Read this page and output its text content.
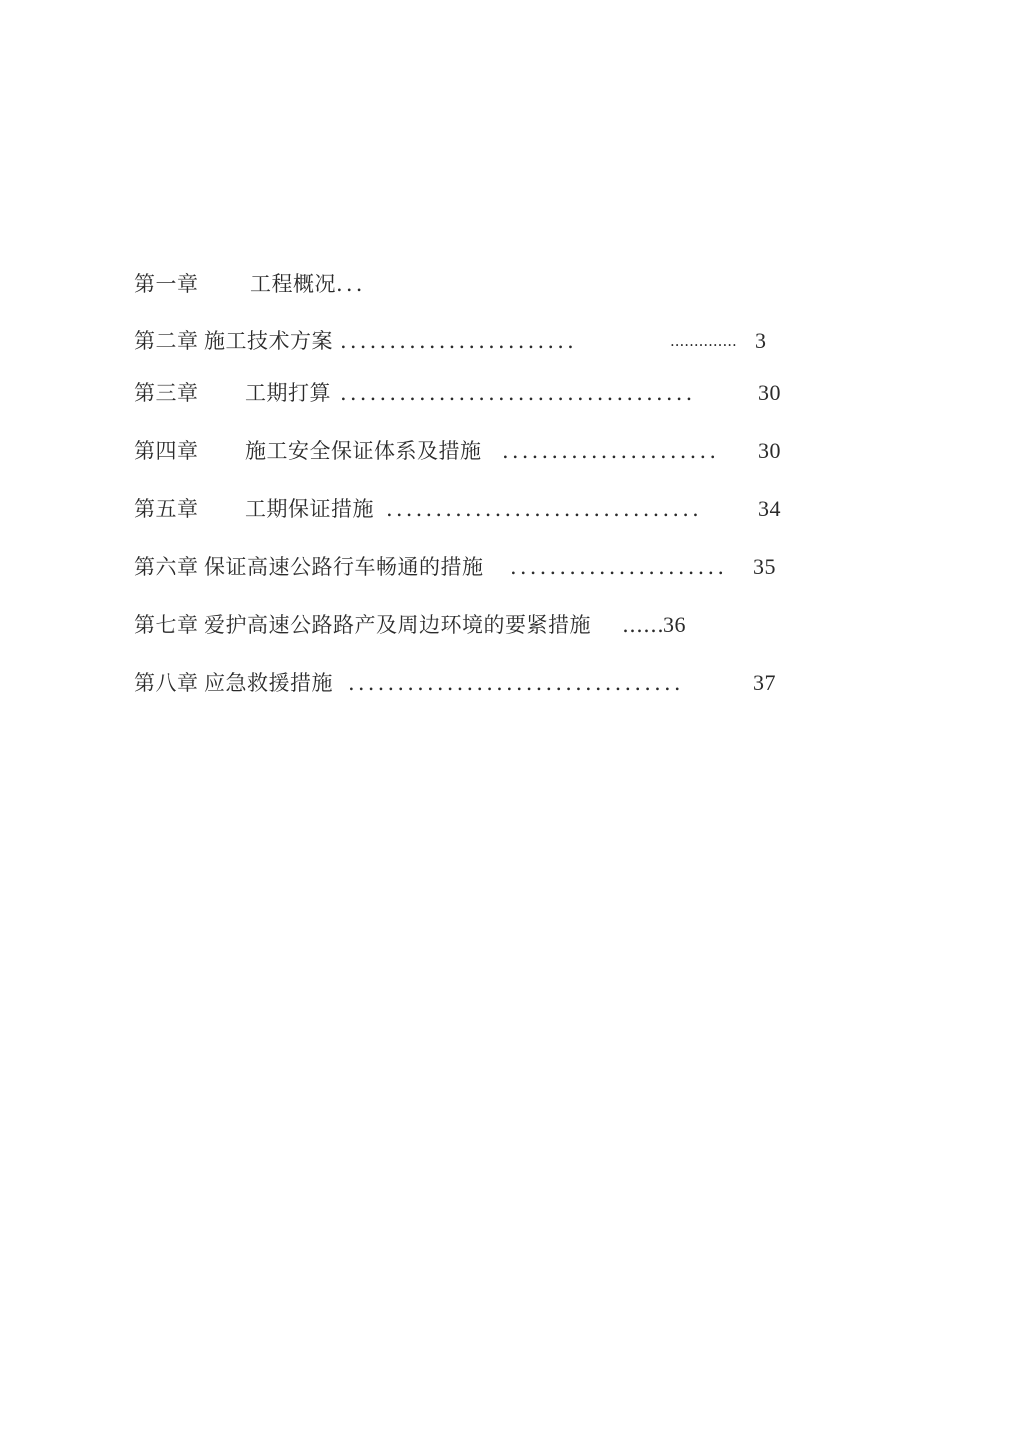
第一章 工程概况 ...
第二章 施工技术方案 ........................	.............. 3
第三章 工期打算 ....................................	30
第四章 施工安全保证体系及措施 ...................... 30
第五章 工期保证措施 ................................	34
第六章 保证高速公路行车畅通的措施 ...................... 35
第七章 爱护高速公路路产及周边环境的要紧措施 …… 36
第八章 应急救援措施 ..................................	37
